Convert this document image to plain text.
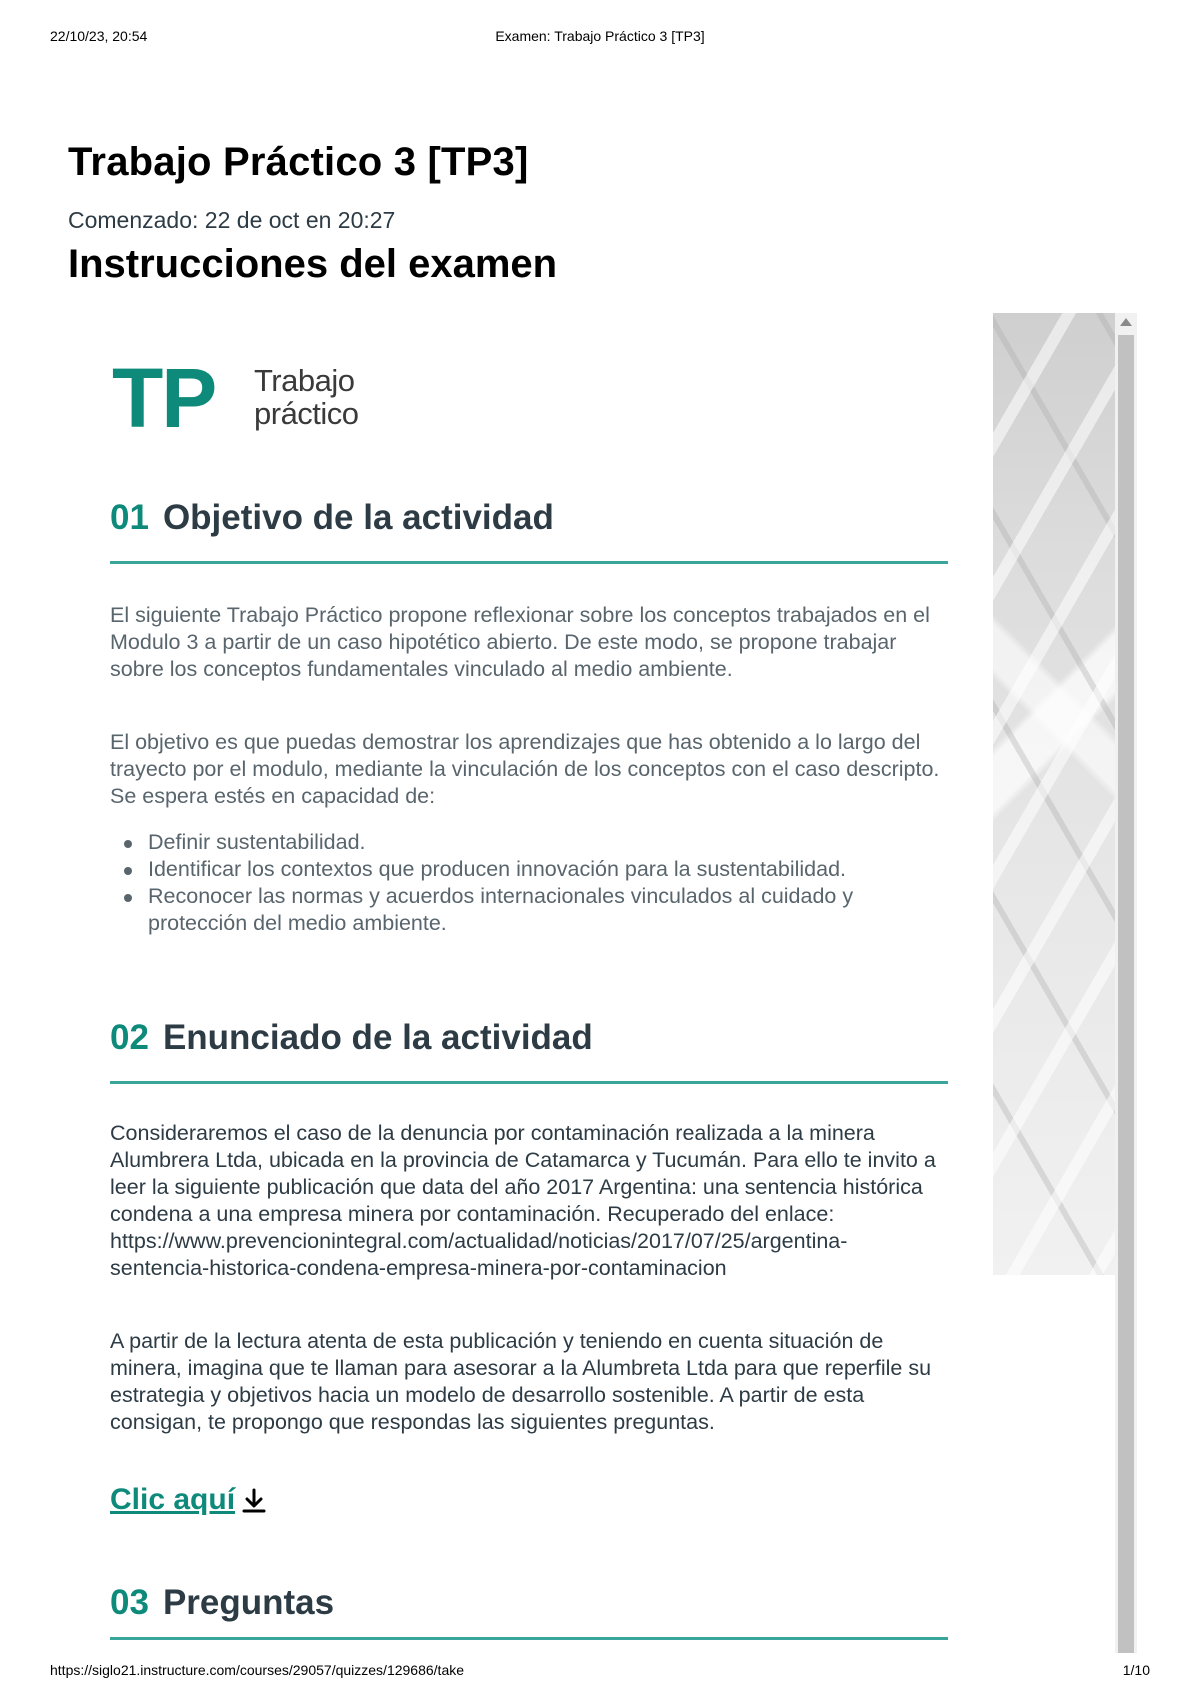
22/10/23, 20:54	Examen: Trabajo Práctico 3 [TP3]
Trabajo Práctico 3 [TP3]
Comenzado: 22 de oct en 20:27
Instrucciones del examen
TP Trabajo
práctico
01 Objetivo de la actividad

El siguiente Trabajo Práctico propone reflexionar sobre los conceptos trabajados en el Modulo 3 a partir de un caso hipotético abierto. De este modo, se propone trabajar sobre los conceptos fundamentales vinculado al medio ambiente.

El objetivo es que puedas demostrar los aprendizajes que has obtenido a lo largo del trayecto por el modulo, mediante la vinculación de los conceptos con el caso descripto. Se espera estés en capacidad de:

Definir sustentabilidad.
Identificar los contextos que producen innovación para la sustentabilidad.
Reconocer las normas y acuerdos internacionales vinculados al cuidado y protección del medio ambiente.
02 Enunciado de la actividad
Consideraremos el caso de la denuncia por contaminación realizada a la minera Alumbrera Ltda, ubicada en la provincia de Catamarca y Tucumán. Para ello te invito a leer la siguiente publicación que data del año 2017 Argentina: una sentencia histórica condena a una empresa minera por contaminación. Recuperado del enlace:
https://www.prevencionintegral.com/actualidad/noticias/2017/07/25/argentina-
sentencia-historica-condena-empresa-minera-por-contaminacion

A partir de la lectura atenta de esta publicación y teniendo en cuenta situación de minera, imagina que te llaman para asesorar a la Alumbreta Ltda para que reperfile su estrategia y objetivos hacia un modelo de desarrollo sostenible. A partir de esta consigan, te propongo que respondas las siguientes preguntas.

Clic aquí
03 Preguntas
https://siglo21.instructure.com/courses/29057/quizzes/129686/take	1/10
